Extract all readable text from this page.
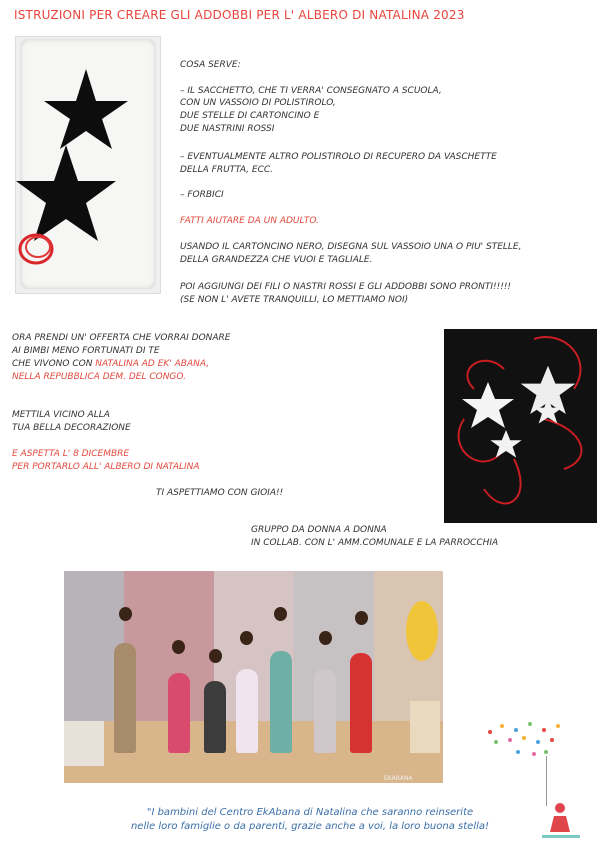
ISTRUZIONI PER CREARE GLI ADDOBBI PER L' ALBERO DI NATALINA 2023
COSA SERVE:
– IL SACCHETTO, CHE TI VERRA' CONSEGNATO A SCUOLA,
CON UN VASSOIO DI POLISTIROLO,
DUE STELLE DI CARTONCINO E
DUE NASTRINI ROSSI
– EVENTUALMENTE ALTRO POLISTIROLO DI RECUPERO DA VASCHETTE
DELLA FRUTTA, ECC.
– FORBICI
FATTI AIUTARE DA UN ADULTO.
USANDO IL CARTONCINO NERO, DISEGNA SUL VASSOIO UNA O PIU' STELLE,
DELLA GRANDEZZA CHE VUOI E TAGLIALE.
POI AGGIUNGI DEI FILI O NASTRI ROSSI E GLI ADDOBBI SONO PRONTI!!!!!
(SE NON L' AVETE TRANQUILLI, LO METTIAMO NOI)
ORA PRENDI UN' OFFERTA CHE VORRAI DONARE
AI BIMBI MENO FORTUNATI DI TE
CHE VIVONO CON NATALINA AD EK' ABANA,
NELLA REPUBBLICA DEM. DEL CONGO.
METTILA VICINO ALLA
TUA BELLA DECORAZIONE
E ASPETTA L' 8 DICEMBRE
PER PORTARLO ALL' ALBERO DI NATALINA
TI ASPETTIAMO CON GIOIA!!
GRUPPO DA DONNA A DONNA
IN COLLAB. CON L' AMM.COMUNALE E LA PARROCCHIA
EKABANA
"I bambini del Centro EkAbana di Natalina che saranno reinserite
nelle loro famiglie o da parenti, grazie anche a voi, la loro buona stella!
